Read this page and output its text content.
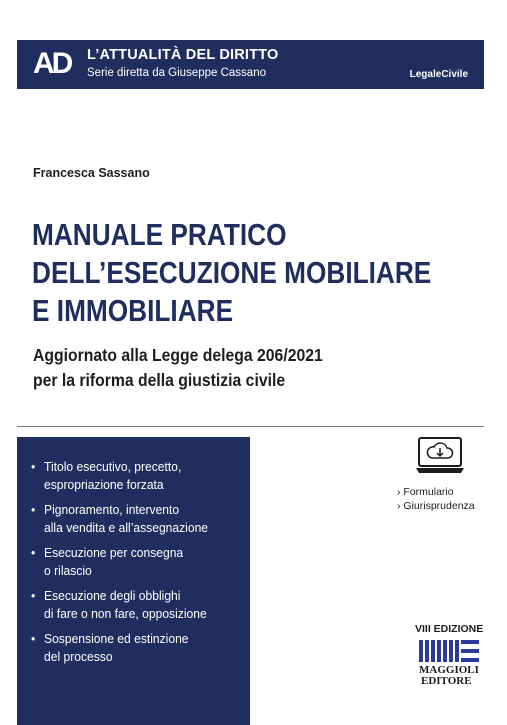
AD L’ATTUALITÀ DEL DIRITTO
Serie diretta da Giuseppe Cassano	LegaleCivile
Francesca Sassano
MANUALE PRATICO
DELL’ESECUZIONE MOBILIARE
E IMMOBILIARE
Aggiornato alla Legge delega 206/2021
per la riforma della giustizia civile
• Titolo esecutivo, precetto,
espropriazione forzata
• Pignoramento, intervento
alla vendita e all’assegnazione
• Esecuzione per consegna
o rilascio
• Esecuzione degli obblighi
di fare o non fare, opposizione
• Sospensione ed estinzione
del processo
› Formulario
› Giurisprudenza
VIII EDIZIONE
MAGGIOLI
EDITORE
